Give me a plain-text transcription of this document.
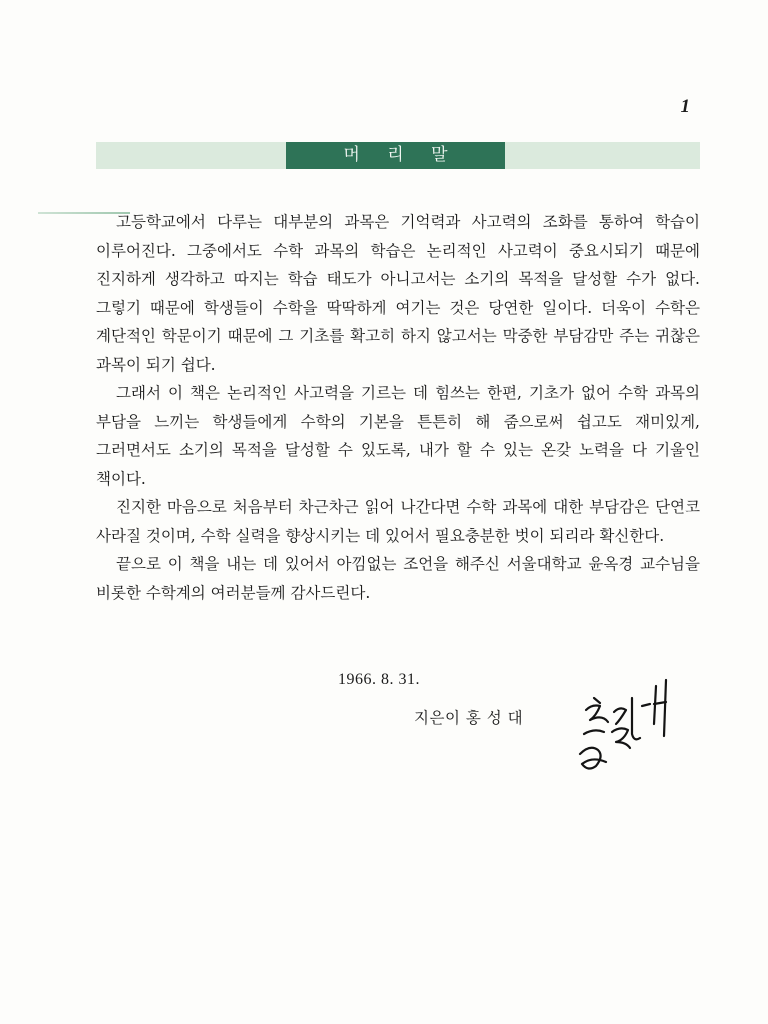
1
머 리 말

고등학교에서 다루는 대부분의 과목은 기억력과 사고력의 조화를 통하여 학습이 이루어진다. 그중에서도 수학 과목의 학습은 논리적인 사고력이 중요시되기 때문에 진지하게 생각하고 따지는 학습 태도가 아니고서는 소기의 목적을 달성할 수가 없다. 그렇기 때문에 학생들이 수학을 딱딱하게 여기는 것은 당연한 일이다. 더욱이 수학은 계단적인 학문이기 때문에 그 기초를 확고히 하지 않고서는 막중한 부담감만 주는 귀찮은 과목이 되기 쉽다.

그래서 이 책은 논리적인 사고력을 기르는 데 힘쓰는 한편, 기초가 없어 수학 과목의 부담을 느끼는 학생들에게 수학의 기본을 튼튼히 해 줌으로써 쉽고도 재미있게, 그러면서도 소기의 목적을 달성할 수 있도록, 내가 할 수 있는 온갖 노력을 다 기울인 책이다.

진지한 마음으로 처음부터 차근차근 읽어 나간다면 수학 과목에 대한 부담감은 단연코 사라질 것이며, 수학 실력을 향상시키는 데 있어서 필요충분한 벗이 되리라 확신한다.

끝으로 이 책을 내는 데 있어서 아낌없는 조언을 해주신 서울대학교 윤옥경 교수님을 비롯한 수학계의 여러분들께 감사드린다.

1966. 8. 31.
지은이 홍 성 대
